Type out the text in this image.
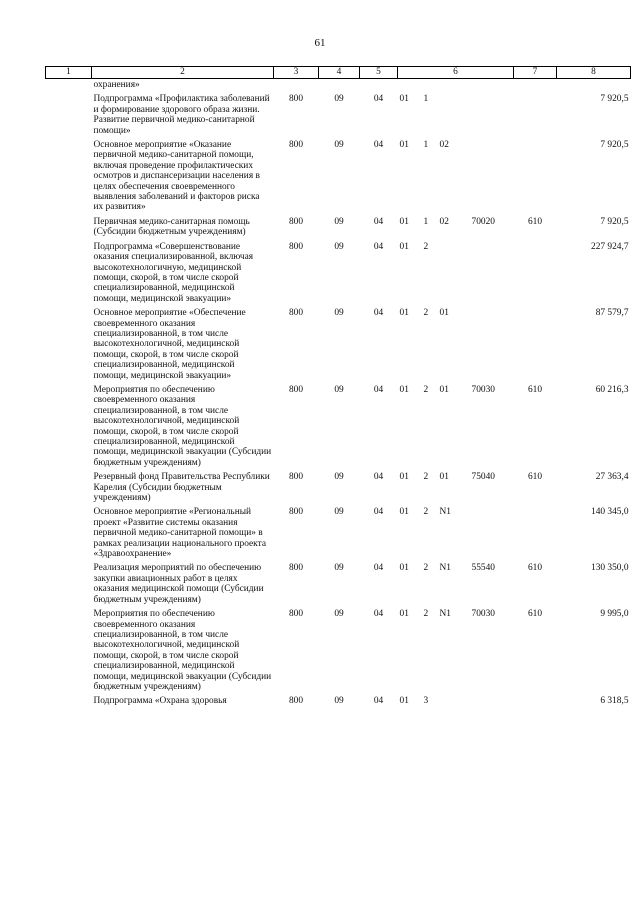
61
1	2	3	4	5	6				7	8
	охранения»									
	Подпрограмма «Профилактика заболеваний и формирование здорового образа жизни. Развитие первичной медико-санитарной помощи»	800	09	04	01	1				7 920,5
	Основное мероприятие «Оказание первичной медико-санитарной помощи, включая проведение профилактических осмотров и диспансеризации населения в целях обеспечения своевременного выявления заболеваний и факторов риска их развития»	800	09	04	01	1	02			7 920,5
	Первичная медико-санитарная помощь (Субсидии бюджетным учреждениям)	800	09	04	01	1	02	70020	610	7 920,5
	Подпрограмма «Совершенствование оказания специализированной, включая высокотехнологичную, медицинской помощи, скорой, в том числе скорой специализированной, медицинской помощи, медицинской эвакуации»	800	09	04	01	2				227 924,7
	Основное мероприятие «Обеспечение своевременного оказания специализированной, в том числе высокотехнологичной, медицинской помощи, скорой, в том числе скорой специализированной, медицинской помощи, медицинской эвакуации»	800	09	04	01	2	01			87 579,7
	Мероприятия по обеспечению своевременного оказания специализированной, в том числе высокотехнологичной, медицинской помощи, скорой, в том числе скорой специализированной, медицинской помощи, медицинской эвакуации (Субсидии бюджетным учреждениям)	800	09	04	01	2	01	70030	610	60 216,3
	Резервный фонд Правительства Республики Карелия (Субсидии бюджетным учреждениям)	800	09	04	01	2	01	75040	610	27 363,4
	Основное мероприятие «Региональный проект «Развитие системы оказания первичной медико-санитарной помощи» в рамках реализации национального проекта «Здравоохранение»	800	09	04	01	2	N1			140 345,0
	Реализация мероприятий по обеспечению закупки авиационных работ в целях оказания медицинской помощи (Субсидии бюджетным учреждениям)	800	09	04	01	2	N1	55540	610	130 350,0
	Мероприятия по обеспечению своевременного оказания специализированной, в том числе высокотехнологичной, медицинской помощи, скорой, в том числе скорой специализированной, медицинской помощи, медицинской эвакуации (Субсидии бюджетным учреждениям)	800	09	04	01	2	N1	70030	610	9 995,0
	Подпрограмма «Охрана здоровья	800	09	04	01	3				6 318,5
